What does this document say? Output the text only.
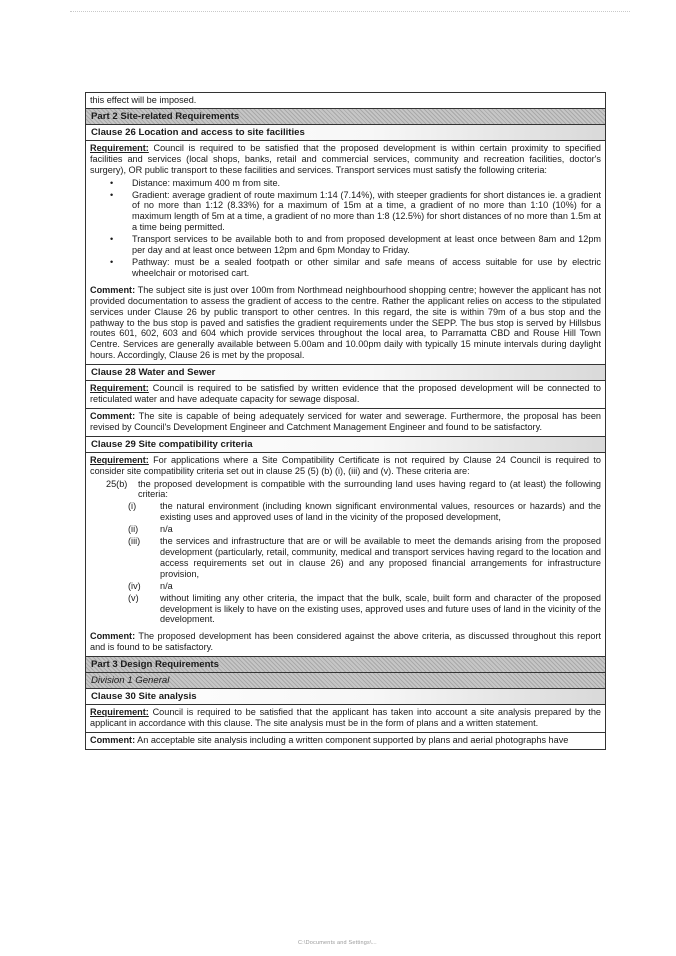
this effect will be imposed.

Part 2 Site-related Requirements
Clause 26 Location and access to site facilities

Requirement: Council is required to be satisfied that the proposed development is within certain proximity to specified facilities and services (local shops, banks, retail and commercial services, community and recreation facilities, doctor's surgery), OR public transport to these facilities and services. Transport services must satisfy the following criteria:

• Distance: maximum 400 m from site.
• Gradient: average gradient of route maximum 1:14 (7.14%), with steeper gradients for short distances ie. a gradient of no more than 1:12 (8.33%) for a maximum of 15m at a time, a gradient of no more than 1:10 (10%) for a maximum length of 5m at a time, a gradient of no more than 1:8 (12.5%) for short distances of no more than 1.5m at a time being permitted.
• Transport services to be available both to and from proposed development at least once between 8am and 12pm per day and at least once between 12pm and 6pm Monday to Friday.
• Pathway: must be a sealed footpath or other similar and safe means of access suitable for use by electric wheelchair or motorised cart.

Comment: The subject site is just over 100m from Northmead neighbourhood shopping centre; however the applicant has not provided documentation to assess the gradient of access to the centre. Rather the applicant relies on access to the stipulated services under Clause 26 by public transport to other centres. In this regard, the site is within 79m of a bus stop and the pathway to the bus stop is paved and satisfies the gradient requirements under the SEPP. The bus stop is served by Hillsbus routes 601, 602, 603 and 604 which provide services throughout the local area, to Parramatta CBD and Rouse Hill Town Centre. Services are generally available between 5.00am and 10.00pm daily with typically 15 minute intervals during daylight hours. Accordingly, Clause 26 is met by the proposal.

Clause 28 Water and Sewer

Requirement: Council is required to be satisfied by written evidence that the proposed development will be connected to reticulated water and have adequate capacity for sewage disposal.

Comment: The site is capable of being adequately serviced for water and sewerage. Furthermore, the proposal has been revised by Council's Development Engineer and Catchment Management Engineer and found to be satisfactory.

Clause 29 Site compatibility criteria

Requirement: For applications where a Site Compatibility Certificate is not required by Clause 24 Council is required to consider site compatibility criteria set out in clause 25 (5) (b) (i), (iii) and (v). These criteria are:

25(b)	the proposed development is compatible with the surrounding land uses having regard to (at least) the following criteria:
(i)	the natural environment (including known significant environmental values, resources or hazards) and the existing uses and approved uses of land in the vicinity of the proposed development,
(ii)	n/a
(iii)	the services and infrastructure that are or will be available to meet the demands arising from the proposed development (particularly, retail, community, medical and transport services having regard to the location and access requirements set out in clause 26) and any proposed financial arrangements for infrastructure provision,
(iv)	n/a
(v)	without limiting any other criteria, the impact that the bulk, scale, built form and character of the proposed development is likely to have on the existing uses, approved uses and future uses of land in the vicinity of the development.

Comment: The proposed development has been considered against the above criteria, as discussed throughout this report and is found to be satisfactory.

Part 3 Design Requirements
Division 1 General
Clause 30 Site analysis

Requirement: Council is required to be satisfied that the applicant has taken into account a site analysis prepared by the applicant in accordance with this clause. The site analysis must be in the form of plans and a written statement.

Comment: An acceptable site analysis including a written component supported by plans and aerial photographs have

C:\Documents and Settings\...
